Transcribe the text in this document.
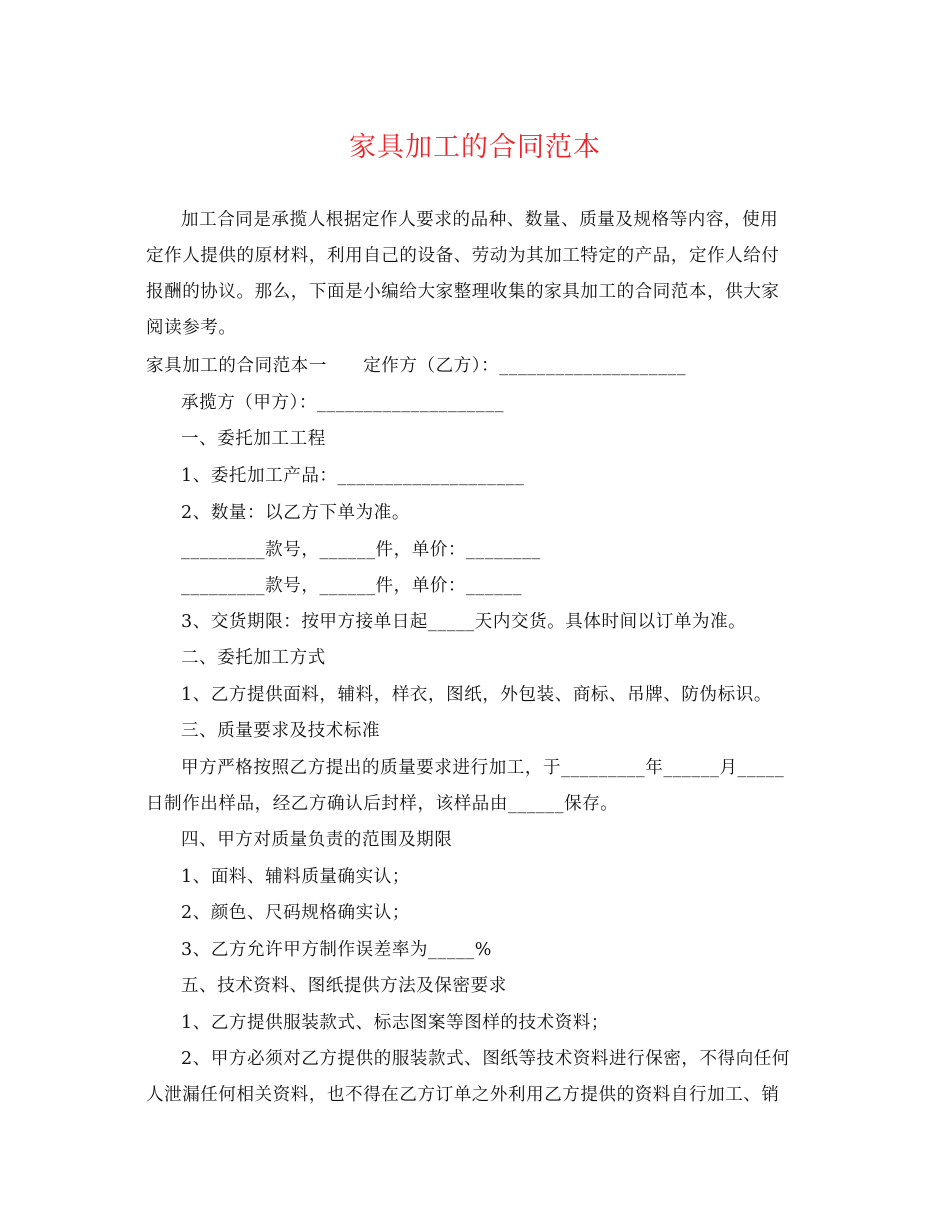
家具加工的合同范本
加工合同是承揽人根据定作人要求的品种、数量、质量及规格等内容，使用
定作人提供的原材料，利用自己的设备、劳动为其加工特定的产品，定作人给付
报酬的协议。那么，下面是小编给大家整理收集的家具加工的合同范本，供大家
阅读参考。
家具加工的合同范本一　　定作方（乙方）：____________________
承揽方（甲方）：____________________
一、委托加工工程
1、委托加工产品：____________________
2、数量：以乙方下单为准。
_________款号，______件，单价：________
_________款号，______件，单价：______
3、交货期限：按甲方接单日起_____天内交货。具体时间以订单为准。
二、委托加工方式
1、乙方提供面料，辅料，样衣，图纸，外包装、商标、吊牌、防伪标识。
三、质量要求及技术标准
甲方严格按照乙方提出的质量要求进行加工，于_________年______月_____
日制作出样品，经乙方确认后封样，该样品由______保存。
四、甲方对质量负责的范围及期限
1、面料、辅料质量确实认；
2、颜色、尺码规格确实认；
3、乙方允许甲方制作误差率为_____%
五、技术资料、图纸提供方法及保密要求
1、乙方提供服装款式、标志图案等图样的技术资料；
2、甲方必须对乙方提供的服装款式、图纸等技术资料进行保密，不得向任何
人泄漏任何相关资料，也不得在乙方订单之外利用乙方提供的资料自行加工、销
